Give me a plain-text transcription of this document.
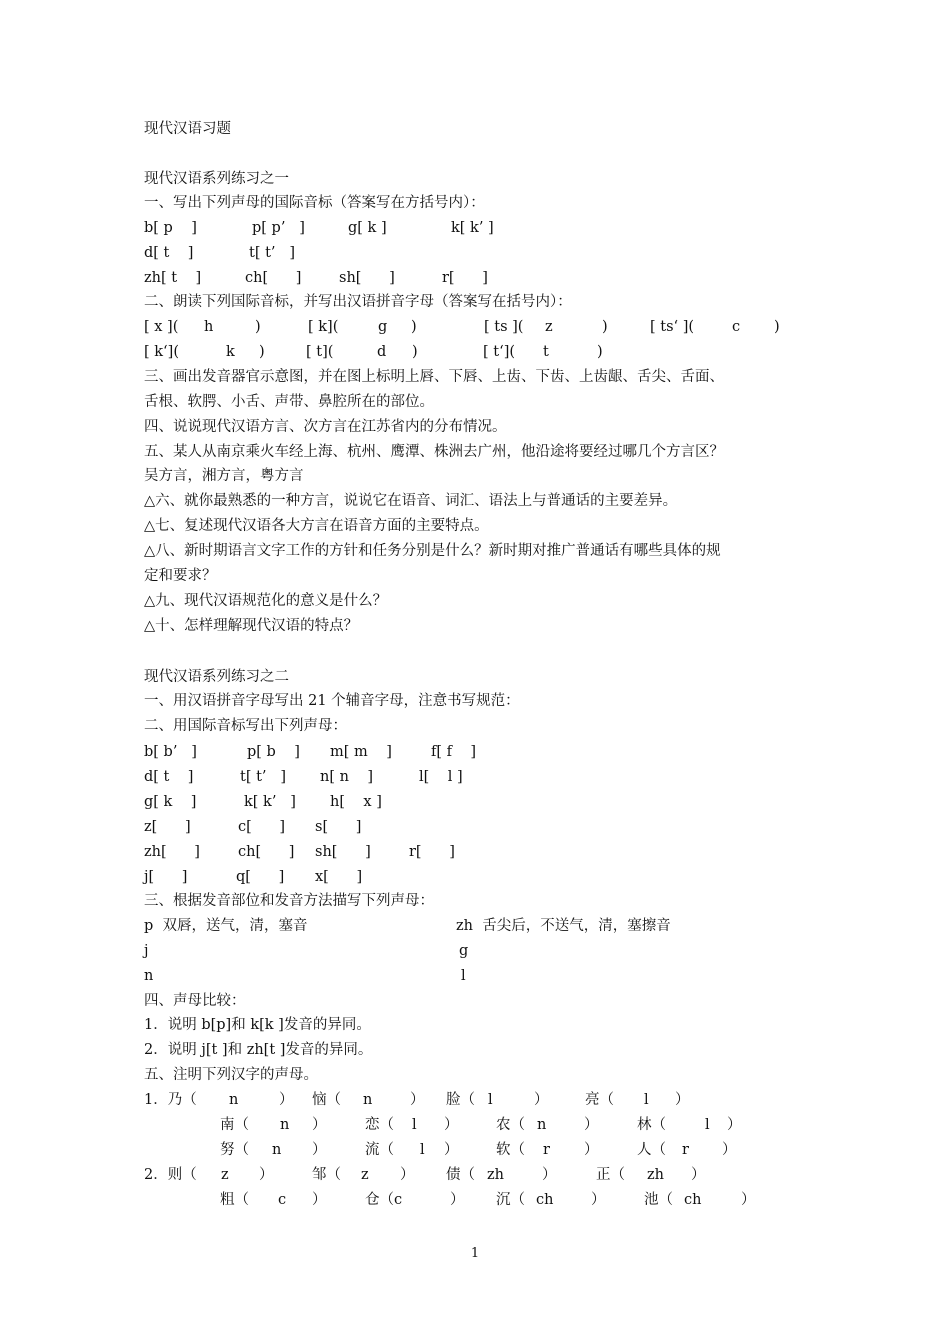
现代汉语习题
现代汉语系列练习之一
一、写出下列声母的国际音标（答案写在方括号内）：
b[ p    ]	p[ p’   ]	g[ k ]	k[ k’ ]
d[ t    ]	t[ t’   ]
zh[ t    ]	ch[      ]	sh[      ]	r[      ]
二、朗读下列国际音标，并写出汉语拼音字母（答案写在括号内）：
[ x ]( h	)	[ k](	g )	[ ts ]( z	)	[ ts‘ ](	c )
[ k‘](	k )	[ t](	d )	[ t‘]( t	)
三、画出发音器官示意图，并在图上标明上唇、下唇、上齿、下齿、上齿龈、舌尖、舌面、
舌根、软腭、小舌、声带、鼻腔所在的部位。
四、说说现代汉语方言、次方言在江苏省内的分布情况。
五、某人从南京乘火车经上海、杭州、鹰潭、株洲去广州，他沿途将要经过哪几个方言区？
吴方言，湘方言，粤方言
△六、就你最熟悉的一种方言，说说它在语音、词汇、语法上与普通话的主要差异。
△七、复述现代汉语各大方言在语音方面的主要特点。
△八、新时期语言文字工作的方针和任务分别是什么？新时期对推广普通话有哪些具体的规
定和要求？
△九、现代汉语规范化的意义是什么？
△十、怎样理解现代汉语的特点？
现代汉语系列练习之二
一、用汉语拼音字母写出 21 个辅音字母，注意书写规范：
二、用国际音标写出下列声母：
b[ b’   ]	p[ b    ] m[ m    ]	f[ f    ]
d[ t    ]	t[ t’   ] n[ n    ]	l[    l ]
g[ k    ]	k[ k’   ] h[    x ]
z[      ]	c[      ] s[      ]
zh[      ]	ch[      ] sh[      ]	r[      ]
j[      ]	q[      ] x[      ]
三、根据发音部位和发音方法描写下列声母：
p  双唇，送气，清，塞音	zh  舌尖后，不送气，清，塞擦音
j	g
n	l
四、声母比较：
1．说明 b[p]和 k[k ]发音的异同。
2．说明 j[t ]和 zh[t ]发音的异同。
五、注明下列汉字的声母。
1．乃（ n	） 恼（ n	） 脸（ l	）	亮（ l ）
南（ n ）	恋（ l ）	农（ n	）	林（	l ）
努（ n ）	流（ l ）	软（ r ）	人（ r ）
2．则（ z ）	邹（ z ） 债（ zh	）	正（ zh ）
粗（ c ）	仓（c	） 沉（ ch	）	池（ ch	）
1
